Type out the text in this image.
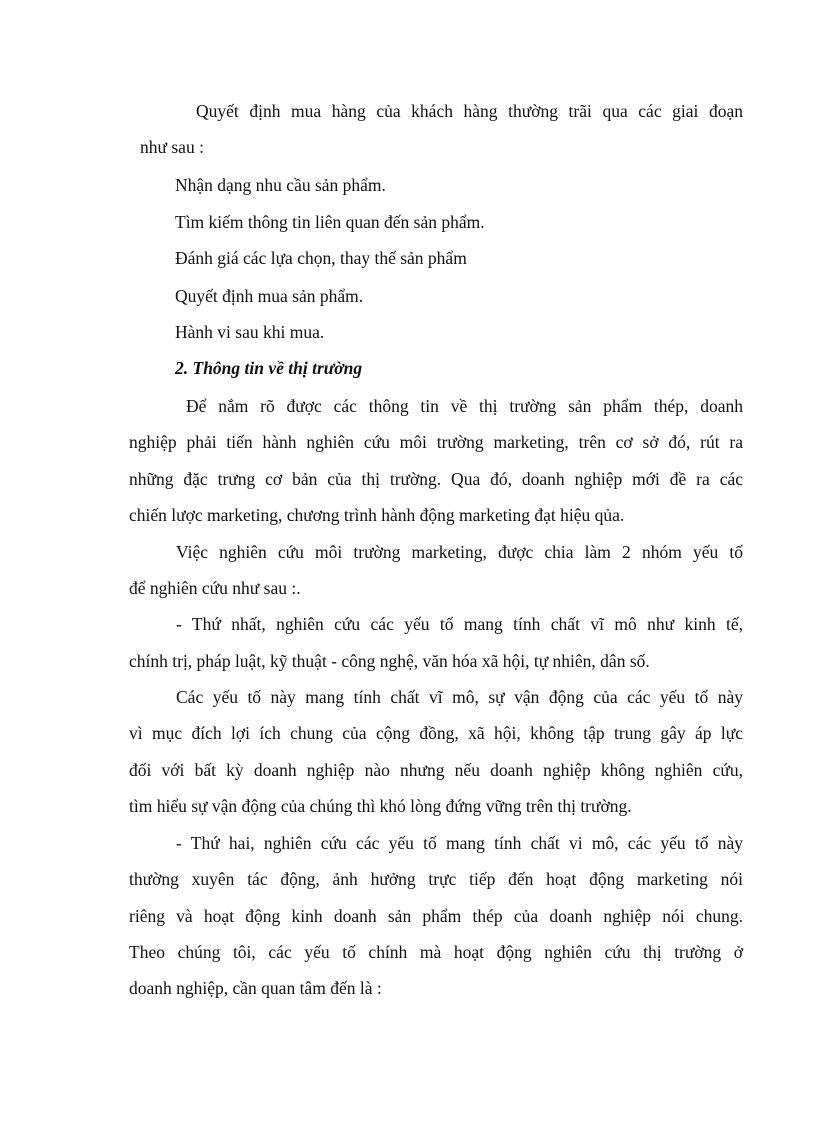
Quyết định mua hàng của khách hàng thường trãi qua các giai đoạn
như sau :
Nhận dạng nhu cầu sản phẩm.
Tìm kiếm thông tin liên quan đến sản phẩm.
Đánh giá các lựa chọn, thay thế sản phẩm
Quyết định mua sản phẩm.
Hành vi sau khi mua.
2. Thông tin về thị trường
Để nắm rõ được các thông tin về thị trường sản phẩm thép, doanh
nghiệp phải tiến hành nghiên cứu môi trường marketing, trên cơ sở đó, rút ra
những đặc trưng cơ bản của thị trường. Qua đó, doanh nghiệp mới đề ra các
chiến lược marketing, chương trình hành động marketing đạt hiệu qủa.
Việc nghiên cứu môi trường marketing, được chia làm 2 nhóm yếu tố
để nghiên cứu như sau :.
- Thứ nhất, nghiên cứu các yếu tố mang tính chất vĩ mô như kinh tế,
chính trị, pháp luật, kỹ thuật - công nghệ, văn hóa xã hội, tự nhiên, dân số.
Các yếu tố này mang tính chất vĩ mô, sự vận động của các yếu tố này
vì mục đích lợi ích chung của cộng đồng, xã hội, không tập trung gây áp lực
đối với bất kỳ doanh nghiệp nào nhưng nếu doanh nghiệp không nghiên cứu,
tìm hiểu sự vận động của chúng thì khó lòng đứng vững trên thị trường.
- Thứ hai, nghiên cứu các yếu tố mang tính chất vi mô, các yếu tố này
thường xuyên tác động, ảnh hưởng trực tiếp đến hoạt động marketing nói
riêng và hoạt động kinh doanh sản phẩm thép của doanh nghiệp nói chung.
Theo chúng tôi, các yếu tố chính mà hoạt động nghiên cứu thị trường ở
doanh nghiệp, cần quan tâm đến là :
